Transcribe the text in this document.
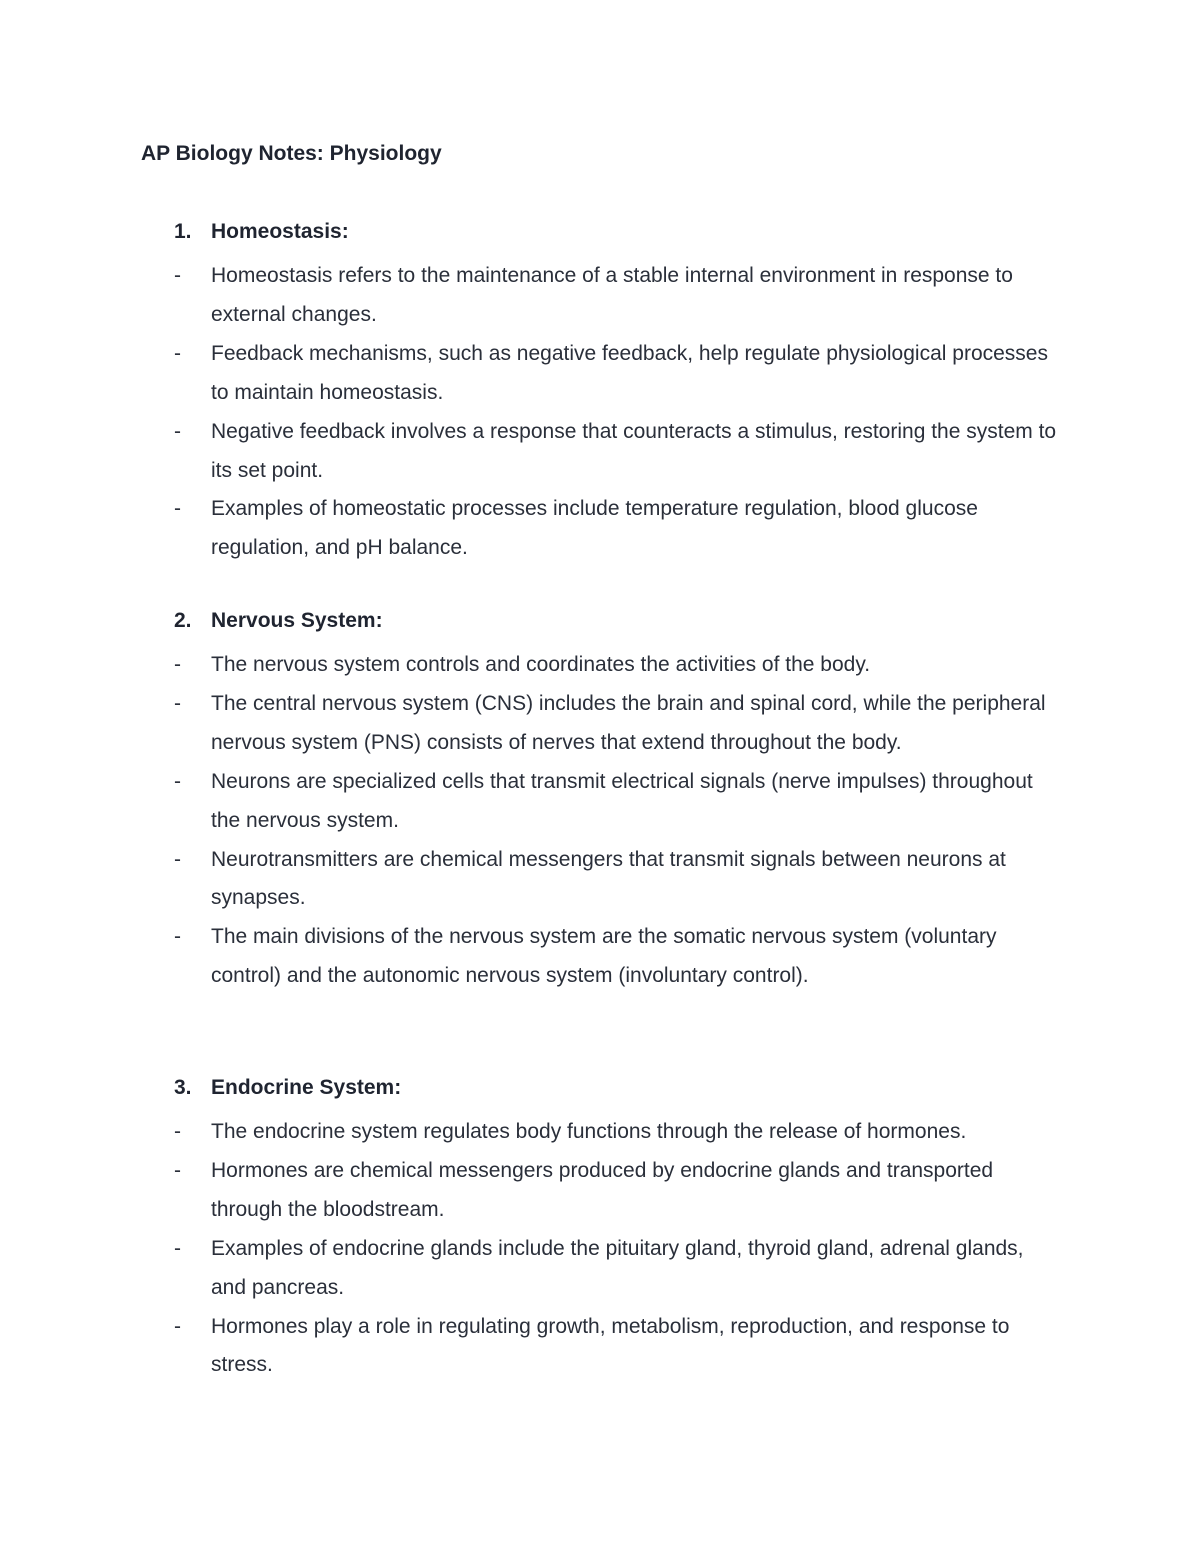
AP Biology Notes: Physiology
1. Homeostasis:
- Homeostasis refers to the maintenance of a stable internal environment in response to external changes.
- Feedback mechanisms, such as negative feedback, help regulate physiological processes to maintain homeostasis.
- Negative feedback involves a response that counteracts a stimulus, restoring the system to its set point.
- Examples of homeostatic processes include temperature regulation, blood glucose regulation, and pH balance.
2. Nervous System:
- The nervous system controls and coordinates the activities of the body.
- The central nervous system (CNS) includes the brain and spinal cord, while the peripheral nervous system (PNS) consists of nerves that extend throughout the body.
- Neurons are specialized cells that transmit electrical signals (nerve impulses) throughout the nervous system.
- Neurotransmitters are chemical messengers that transmit signals between neurons at synapses.
- The main divisions of the nervous system are the somatic nervous system (voluntary control) and the autonomic nervous system (involuntary control).
3. Endocrine System:
- The endocrine system regulates body functions through the release of hormones.
- Hormones are chemical messengers produced by endocrine glands and transported through the bloodstream.
- Examples of endocrine glands include the pituitary gland, thyroid gland, adrenal glands, and pancreas.
- Hormones play a role in regulating growth, metabolism, reproduction, and response to stress.
